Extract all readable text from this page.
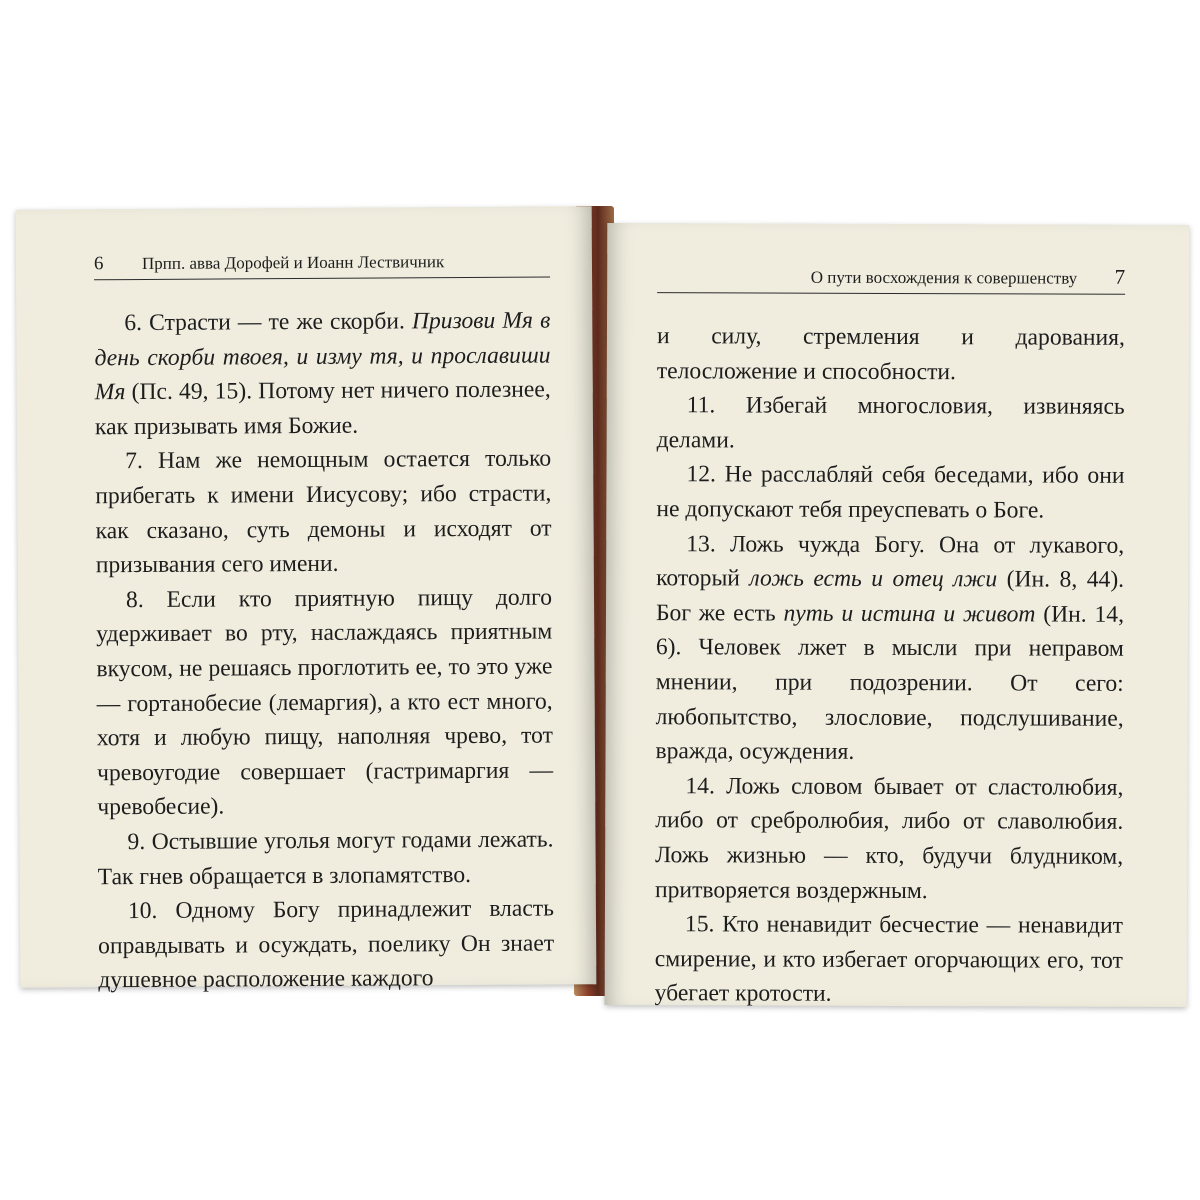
6	Прпп. авва Дорофей и Иоанн Лествичник

6. Страсти — те же скорби. Призови Мя в день скорби твоея, и изму тя, и прославиши Мя (Пс. 49, 15). Потому нет ничего полезнее, как призывать имя Божие.

7. Нам же немощным остается только прибегать к имени Иисусову; ибо страсти, как сказано, суть демоны и исходят от призывания сего имени.

8. Если кто приятную пищу долго удерживает во рту, наслаждаясь приятным вкусом, не решаясь проглотить ее, то это уже — гортанобесие (лемаргия), а кто ест много, хотя и любую пищу, наполняя чрево, тот чревоугодие совершает (гастримаргия — чревобесие).

9. Остывшие уголья могут годами лежать. Так гнев обращается в злопамятство.

10. Одному Богу принадлежит власть оправдывать и осуждать, поелику Он знает душевное расположение каждого

О пути восхождения к совершенству	7

и силу, стремления и дарования, телосложение и способности.

11. Избегай многословия, извиняясь делами.

12. Не расслабляй себя беседами, ибо они не допускают тебя преуспевать о Боге.

13. Ложь чужда Богу. Она от лукавого, который ложь есть и отец лжи (Ин. 8, 44). Бог же есть путь и истина и живот (Ин. 14, 6). Человек лжет в мысли при неправом мнении, при подозрении. От сего: любопытство, злословие, подслушивание, вражда, осуждения.

14. Ложь словом бывает от сластолюбия, либо от сребролюбия, либо от славолюбия. Ложь жизнью — кто, будучи блудником, притворяется воздержным.

15. Кто ненавидит бесчестие — ненавидит смирение, и кто избегает огорчающих его, тот убегает кротости.
